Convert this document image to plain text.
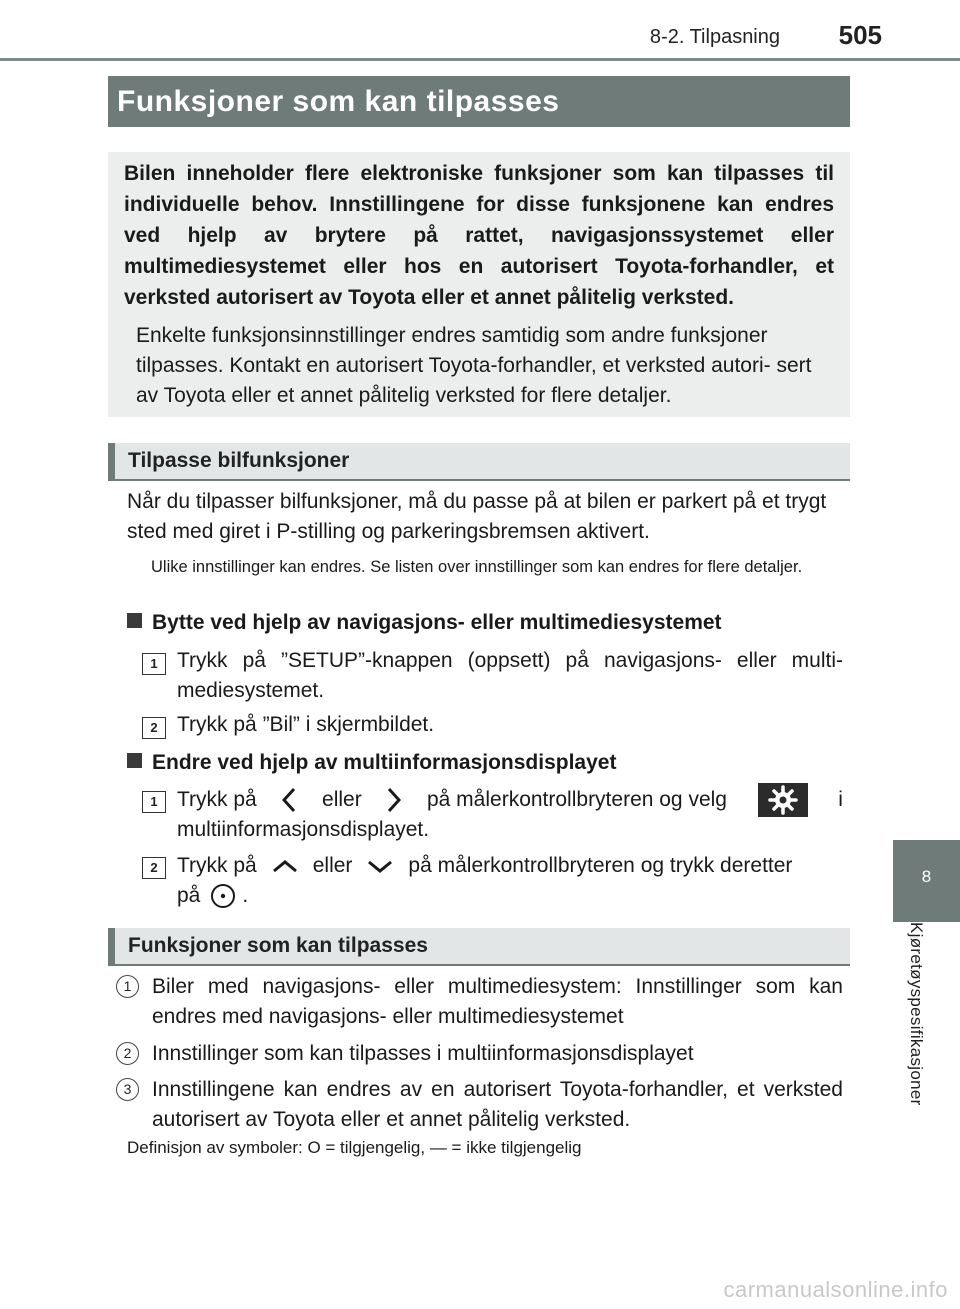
8-2. Tilpasning 505
8
Kjøretøyspesifikasjoner
Funksjoner som kan tilpasses

Bilen inneholder flere elektroniske funksjoner som kan tilpasses til individuelle behov. Innstillingene for disse funksjonene kan endres ved hjelp av brytere på rattet, navigasjonssystemet eller multimediesystemet eller hos en autorisert Toyota-forhandler, et verksted autorisert av Toyota eller et annet pålitelig verksted.

Enkelte funksjonsinnstillinger endres samtidig som andre funksjoner tilpasses. Kontakt en autorisert Toyota-forhandler, et verksted autori- sert av Toyota eller et annet pålitelig verksted for flere detaljer.

Tilpasse bilfunksjoner

Når du tilpasser bilfunksjoner, må du passe på at bilen er parkert på et trygt sted med giret i P-stilling og parkeringsbremsen aktivert.

Ulike innstillinger kan endres. Se listen over innstillinger som kan endres for flere detaljer.

Bytte ved hjelp av navigasjons- eller multimediesystemet
1 Trykk på ”SETUP”-knappen (oppsett) på navigasjons- eller multi- mediesystemet.

2 Trykk på ”Bil” i skjermbildet.

Endre ved hjelp av multiinformasjonsdisplayet
1 Trykk på	eller	på målerkontrollbryteren og velg	i
multiinformasjonsdisplayet.
2 Trykk på	eller	på målerkontrollbryteren og trykk deretter
på .
Funksjoner som kan tilpasses
1 Biler med navigasjons- eller multimediesystem: Innstillinger som kan endres med navigasjons- eller multimediesystemet

2 Innstillinger som kan tilpasses i multiinformasjonsdisplayet

3 Innstillingene kan endres av en autorisert Toyota-forhandler, et verksted autorisert av Toyota eller et annet pålitelig verksted.

Definisjon av symboler: O = tilgjengelig, — = ikke tilgjengelig
carmanualsonline.info
